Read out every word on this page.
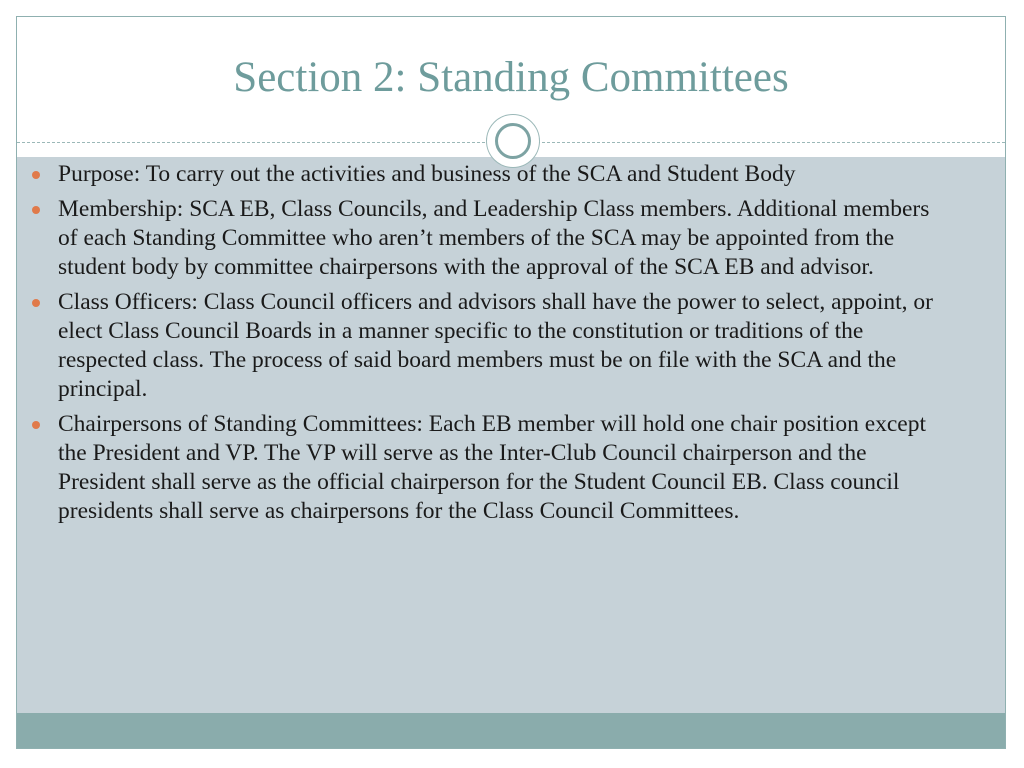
Section 2: Standing Committees
Purpose: To carry out the activities and business of the SCA and Student Body
Membership: SCA EB, Class Councils, and Leadership Class members. Additional members of each Standing Committee who aren’t members of the SCA may be appointed from the student body by committee chairpersons with the approval of the SCA EB and advisor.
Class Officers: Class Council officers and advisors shall have the power to select, appoint, or elect Class Council Boards in a manner specific to the constitution or traditions of the respected class. The process of said board members must be on file with the SCA and the principal.
Chairpersons of Standing Committees: Each EB member will hold one chair position except the President and VP. The VP will serve as the Inter-Club Council chairperson and the President shall serve as the official chairperson for the Student Council EB. Class council presidents shall serve as chairpersons for the Class Council Committees.
